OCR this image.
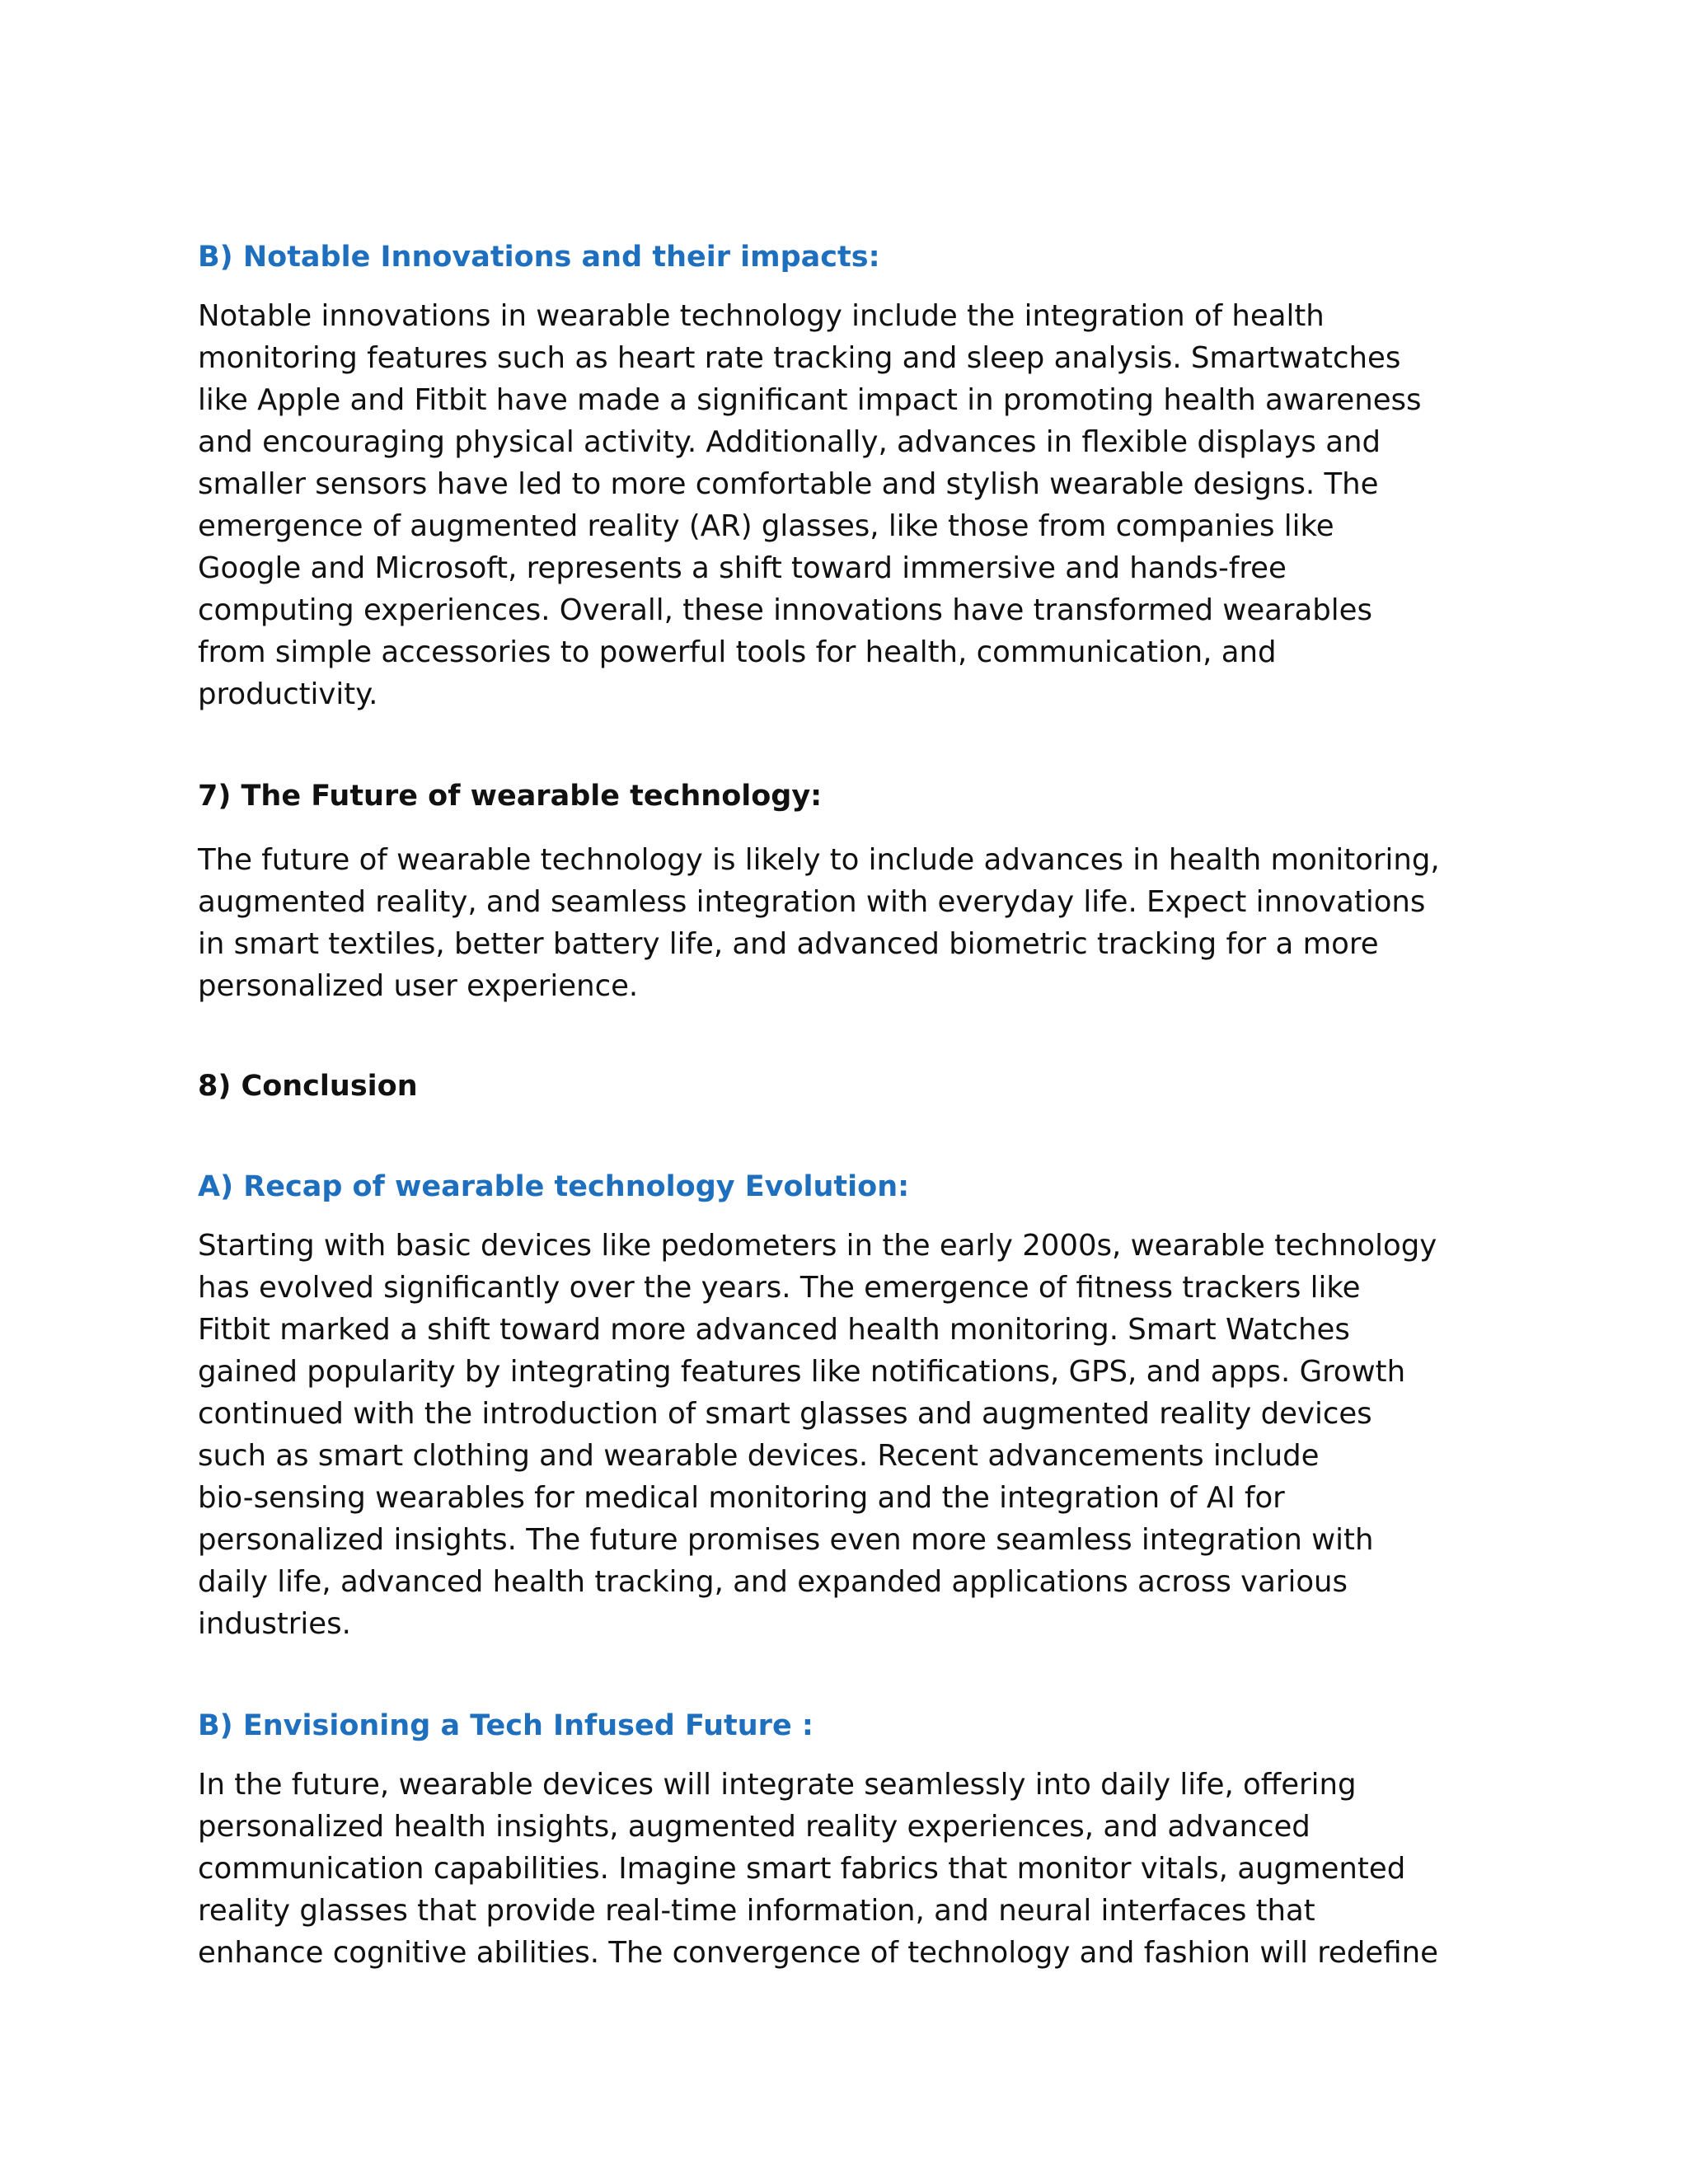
B) Notable Innovations and their impacts:

Notable innovations in wearable technology include the integration of health
monitoring features such as heart rate tracking and sleep analysis. Smartwatches
like Apple and Fitbit have made a significant impact in promoting health awareness
and encouraging physical activity. Additionally, advances in flexible displays and
smaller sensors have led to more comfortable and stylish wearable designs. The
emergence of augmented reality (AR) glasses, like those from companies like
Google and Microsoft, represents a shift toward immersive and hands-free
computing experiences. Overall, these innovations have transformed wearables
from simple accessories to powerful tools for health, communication, and
productivity.

7) The Future of wearable technology:

The future of wearable technology is likely to include advances in health monitoring,
augmented reality, and seamless integration with everyday life. Expect innovations
in smart textiles, better battery life, and advanced biometric tracking for a more
personalized user experience.

8) Conclusion
A) Recap of wearable technology Evolution:

Starting with basic devices like pedometers in the early 2000s, wearable technology
has evolved significantly over the years. The emergence of fitness trackers like
Fitbit marked a shift toward more advanced health monitoring. Smart Watches
gained popularity by integrating features like notifications, GPS, and apps. Growth
continued with the introduction of smart glasses and augmented reality devices
such as smart clothing and wearable devices. Recent advancements include
bio-sensing wearables for medical monitoring and the integration of AI for
personalized insights. The future promises even more seamless integration with
daily life, advanced health tracking, and expanded applications across various
industries.

B) Envisioning a Tech Infused Future :

In the future, wearable devices will integrate seamlessly into daily life, offering
personalized health insights, augmented reality experiences, and advanced
communication capabilities. Imagine smart fabrics that monitor vitals, augmented
reality glasses that provide real-time information, and neural interfaces that
enhance cognitive abilities. The convergence of technology and fashion will redefine
